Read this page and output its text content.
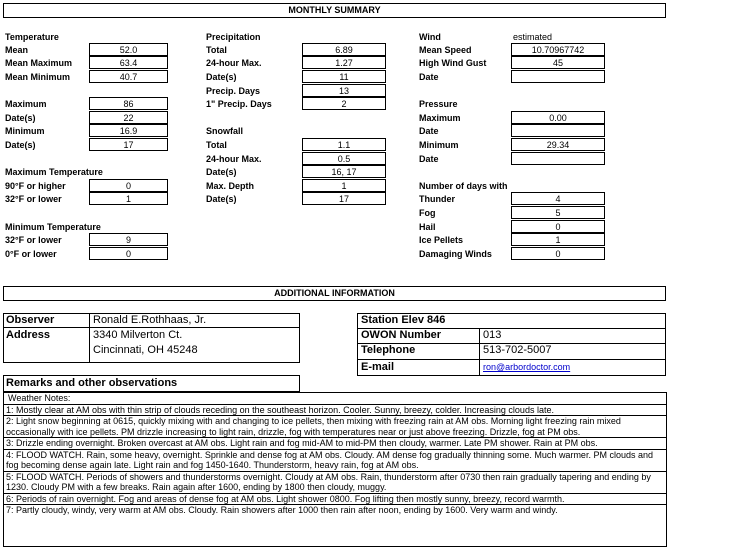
MONTHLY SUMMARY
Temperature
Mean	52.0
Mean Maximum	63.4
Mean Minimum	40.7
Maximum	86
Date(s)	22
Minimum	16.9
Date(s)	17
Maximum Temperature
90°F or higher	0
32°F or lower	1
Minimum Temperature
32°F or lower	9
0°F or lower	0
Precipitation
Total	6.89
24-hour Max.	1.27
Date(s)	11
Precip. Days	13
1" Precip. Days	2
Snowfall
Total	1.1
24-hour Max.	0.5
Date(s)	16, 17
Max. Depth	1
Date(s)	17
Wind	estimated
Mean Speed	10.70967742
High Wind Gust	45
Date
Pressure
Maximum	0.00
Date
Minimum	29.34
Date
Number of days with
Thunder	4
Fog	5
Hail	0
Ice Pellets	1
Damaging Winds	0
ADDITIONAL INFORMATION
Observer	Ronald E.Rothhaas, Jr.
Address	3340 Milverton Ct.
Cincinnati, OH 45248
Station Elev 846
OWON Number	013
Telephone	513-702-5007
E-mail	ron@arbordoctor.com
Remarks and other observations
Weather Notes:
1: Mostly clear at AM obs with thin strip of clouds receding on the southeast horizon. Cooler. Sunny, breezy, colder. Increasing clouds late.
2: Light snow beginning at 0615, quickly mixing with and changing to ice pellets, then mixing with freezing rain at AM obs. Morning light freezing rain mixed occasionally with ice pellets. PM drizzle increasing to light rain, drizzle, fog with temperatures near or just above freezing. Drizzle, fog at PM obs.
3: Drizzle ending overnight. Broken overcast at AM obs. Light rain and fog mid-AM to mid-PM then cloudy, warmer. Late PM shower. Rain at PM obs.
4: FLOOD WATCH. Rain, some heavy, overnight. Sprinkle and dense fog at AM obs. Cloudy. AM dense fog gradually thinning some. Much warmer. PM clouds and fog becoming dense again late. Light rain and fog 1450-1640. Thunderstorm, heavy rain, fog at AM obs.
5: FLOOD WATCH. Periods of showers and thunderstorms overnight. Cloudy at AM obs. Rain, thunderstorm after 0730 then rain gradually tapering and ending by 1230. Cloudy PM with a few breaks. Rain again after 1600, ending by 1800 then cloudy, muggy.
6: Periods of rain overnight. Fog and areas of dense fog at AM obs. Light shower 0800. Fog lifting then mostly sunny, breezy, record warmth.
7: Partly cloudy, windy, very warm at AM obs. Cloudy. Rain showers after 1000 then rain after noon, ending by 1600. Very warm and windy.
